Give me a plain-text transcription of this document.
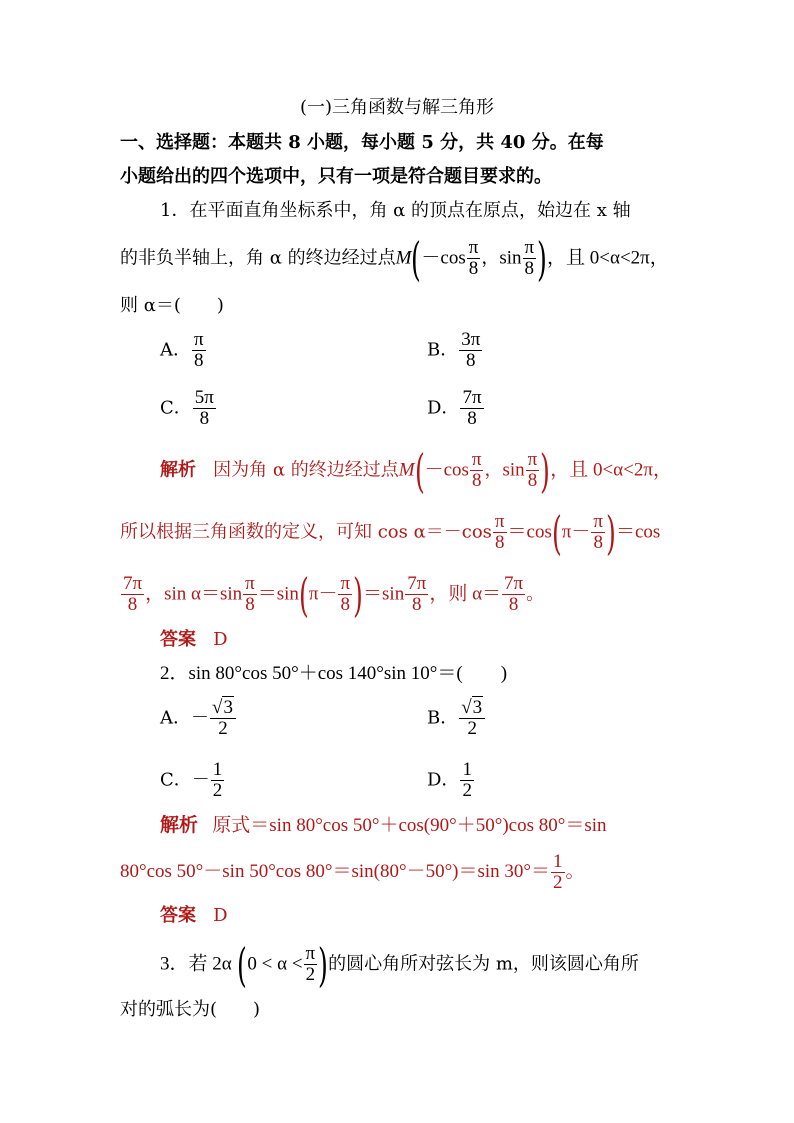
(一)三角函数与解三角形
一、选择题：本题共 8 小题，每小题 5 分，共 40 分。在每
小题给出的四个选项中，只有一项是符合题目要求的。
1．在平面直角坐标系中，角 α 的顶点在原点，始边在 x 轴
的非负半轴上，角 α 的终边经过点$M(-\cos \frac{\pi}{8}$ ，$\sin \frac{\pi}{8}$ )，且 0<α<2π，
则 α＝(　　)
A． $\frac{\pi}{8}$	B． $\frac{3\pi}{8}$
C． $\frac{5\pi}{8}$	D． $\frac{7\pi}{8}$
解析 因为角 α 的终边经过点$M(-\cos \frac{\pi}{8}$ ，$\sin \frac{\pi}{8}$ )，且 0<α<2π，
所以根据三角函数的定义，可知 $\cos \alpha=-\cos \frac{\pi}{8} =\cos(\pi- \frac{\pi}{8} )=\cos$
$\frac{7\pi}{8}$ ，$\sin \alpha=\sin \frac{\pi}{8} =\sin(\pi- \frac{\pi}{8} )=\sin \frac{7\pi}{8}$ ，则 $\alpha= \frac{7\pi}{8}$ 。
答案 D
2．sin 80°cos 50°＋cos 140°sin 10°＝(　　)
A．－ $\frac{√3}{2}$	B． $\frac{√3}{2}$
C．－ $\frac{1}{2}$	D． $\frac{1}{2}$
解析 原式＝sin 80°cos 50°＋cos(90°＋50°)cos 80°＝sin
80°cos 50°－sin 50°cos 80°＝sin(80°－50°)＝sin $30^\circ= \frac{1}{2}$ 。
答案 D
3．若 2α ($0 < \alpha < \frac{\pi}{2}$ )的圆心角所对弦长为 m，则该圆心角所
对的弧长为(　　)
